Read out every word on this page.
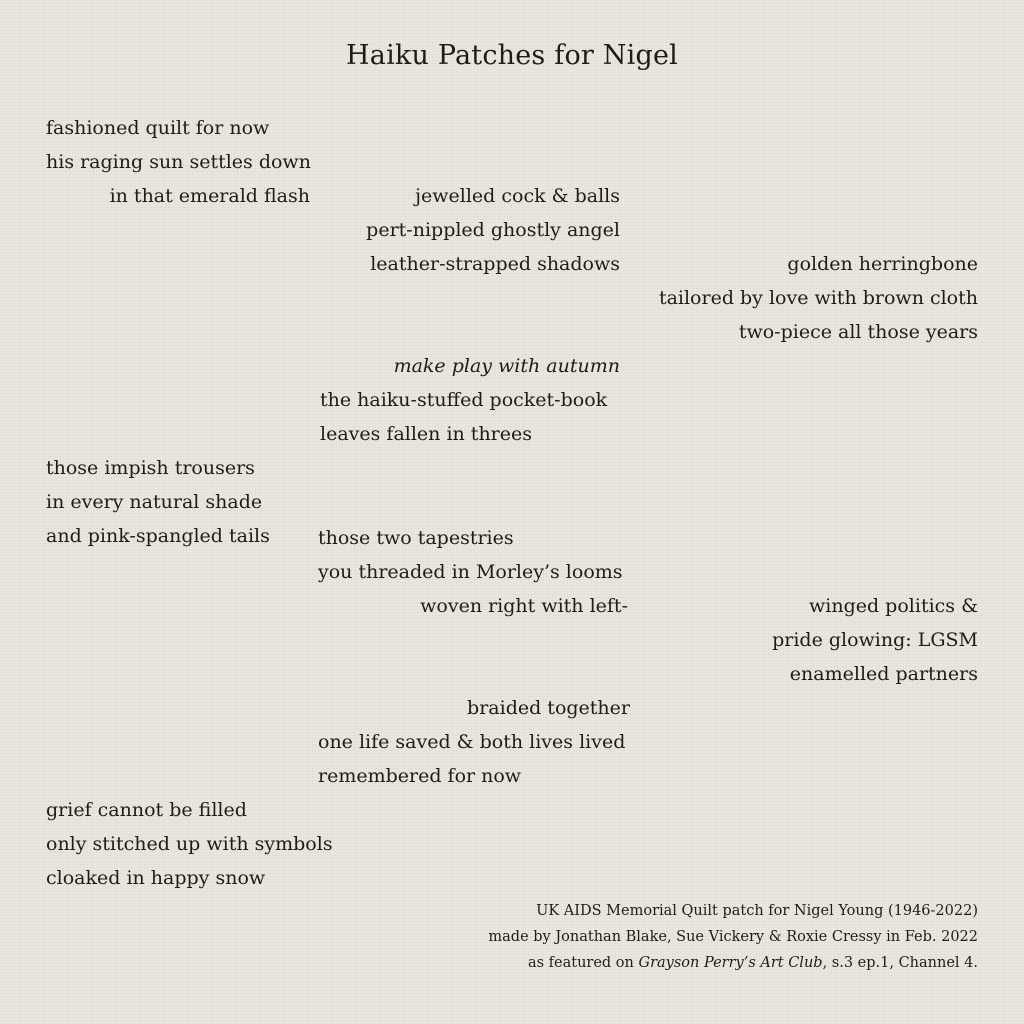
Haiku Patches for Nigel
fashioned quilt for now
his raging sun settles down
in that emerald flash	jewelled cock & balls
pert-nippled ghostly angel
leather-strapped shadows	golden herringbone
tailored by love with brown cloth
two-piece all those years
make play with autumn
the haiku-stuffed pocket-book
leaves fallen in threes
those impish trousers
in every natural shade
and pink-spangled tails	those two tapestries
you threaded in Morley’s looms
woven right with left-	winged politics &
pride glowing: LGSM
enamelled partners
braided together
one life saved & both lives lived
remembered for now
grief cannot be filled
only stitched up with symbols
cloaked in happy snow
UK AIDS Memorial Quilt patch for Nigel Young (1946-2022)
made by Jonathan Blake, Sue Vickery & Roxie Cressy in Feb. 2022
as featured on Grayson Perry’s Art Club, s.3 ep.1, Channel 4.
